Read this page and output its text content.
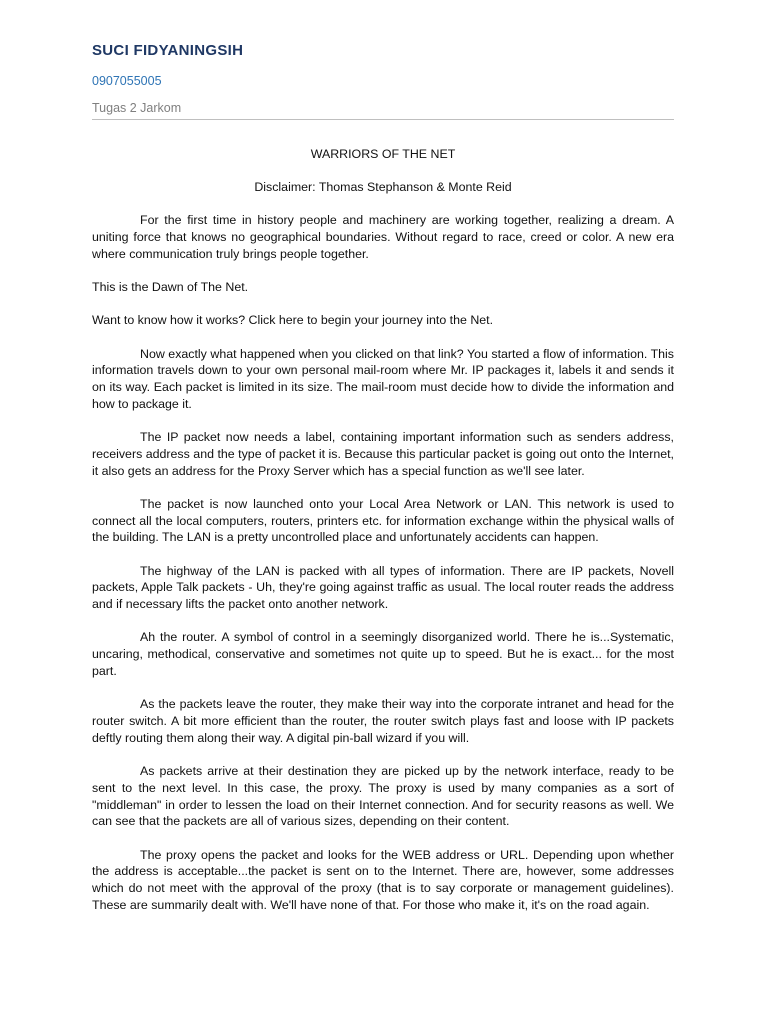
SUCI FIDYANINGSIH
0907055005
Tugas 2 Jarkom

WARRIORS OF THE NET

Disclaimer: Thomas Stephanson & Monte Reid

For the first time in history people and machinery are working together, realizing a dream. A uniting force that knows no geographical boundaries. Without regard to race, creed or color. A new era where communication truly brings people together.

This is the Dawn of The Net.

Want to know how it works? Click here to begin your journey into the Net.

Now exactly what happened when you clicked on that link? You started a flow of information. This information travels down to your own personal mail-room where Mr. IP packages it, labels it and sends it on its way. Each packet is limited in its size. The mail-room must decide how to divide the information and how to package it.

The IP packet now needs a label, containing important information such as senders address, receivers address and the type of packet it is. Because this particular packet is going out onto the Internet, it also gets an address for the Proxy Server which has a special function as we'll see later.

The packet is now launched onto your Local Area Network or LAN. This network is used to connect all the local computers, routers, printers etc. for information exchange within the physical walls of the building. The LAN is a pretty uncontrolled place and unfortunately accidents can happen.

The highway of the LAN is packed with all types of information. There are IP packets, Novell packets, Apple Talk packets - Uh, they're going against traffic as usual. The local router reads the address and if necessary lifts the packet onto another network.

Ah the router. A symbol of control in a seemingly disorganized world. There he is...Systematic, uncaring, methodical, conservative and sometimes not quite up to speed. But he is exact... for the most part.

As the packets leave the router, they make their way into the corporate intranet and head for the router switch. A bit more efficient than the router, the router switch plays fast and loose with IP packets deftly routing them along their way. A digital pin-ball wizard if you will.

As packets arrive at their destination they are picked up by the network interface, ready to be sent to the next level. In this case, the proxy. The proxy is used by many companies as a sort of "middleman" in order to lessen the load on their Internet connection. And for security reasons as well. We can see that the packets are all of various sizes, depending on their content.

The proxy opens the packet and looks for the WEB address or URL. Depending upon whether the address is acceptable...the packet is sent on to the Internet. There are, however, some addresses which do not meet with the approval of the proxy (that is to say corporate or management guidelines). These are summarily dealt with. We'll have none of that. For those who make it, it's on the road again.
